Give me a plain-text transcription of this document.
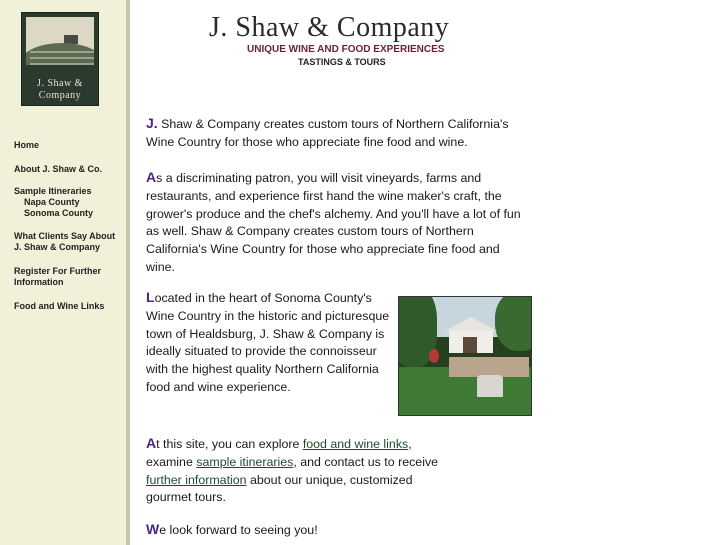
J. Shaw &
Company
Home
About J. Shaw & Co.
Sample Itineraries
Napa County
Sonoma County
What Clients Say About
J. Shaw & Company
Register For Further
Information
Food and Wine Links
J. Shaw & Company
UNIQUE WINE AND FOOD EXPERIENCES
TASTINGS & TOURS

J. Shaw & Company creates custom tours of Northern California's Wine Country for those who appreciate fine food and wine.

As a discriminating patron, you will visit vineyards, farms and restaurants, and experience first hand the wine maker's craft, the grower's produce and the chef's alchemy. And you'll have a lot of fun as well. Shaw & Company creates custom tours of Northern California's Wine Country for those who appreciate fine food and wine.

Located in the heart of Sonoma County's Wine Country in the historic and picturesque town of Healdsburg, J. Shaw & Company is ideally situated to provide the connoisseur with the highest quality Northern California food and wine experience.

At this site, you can explore food and wine links, examine sample itineraries, and contact us to receive further information about our unique, customized gourmet tours.

We look forward to seeing you!
